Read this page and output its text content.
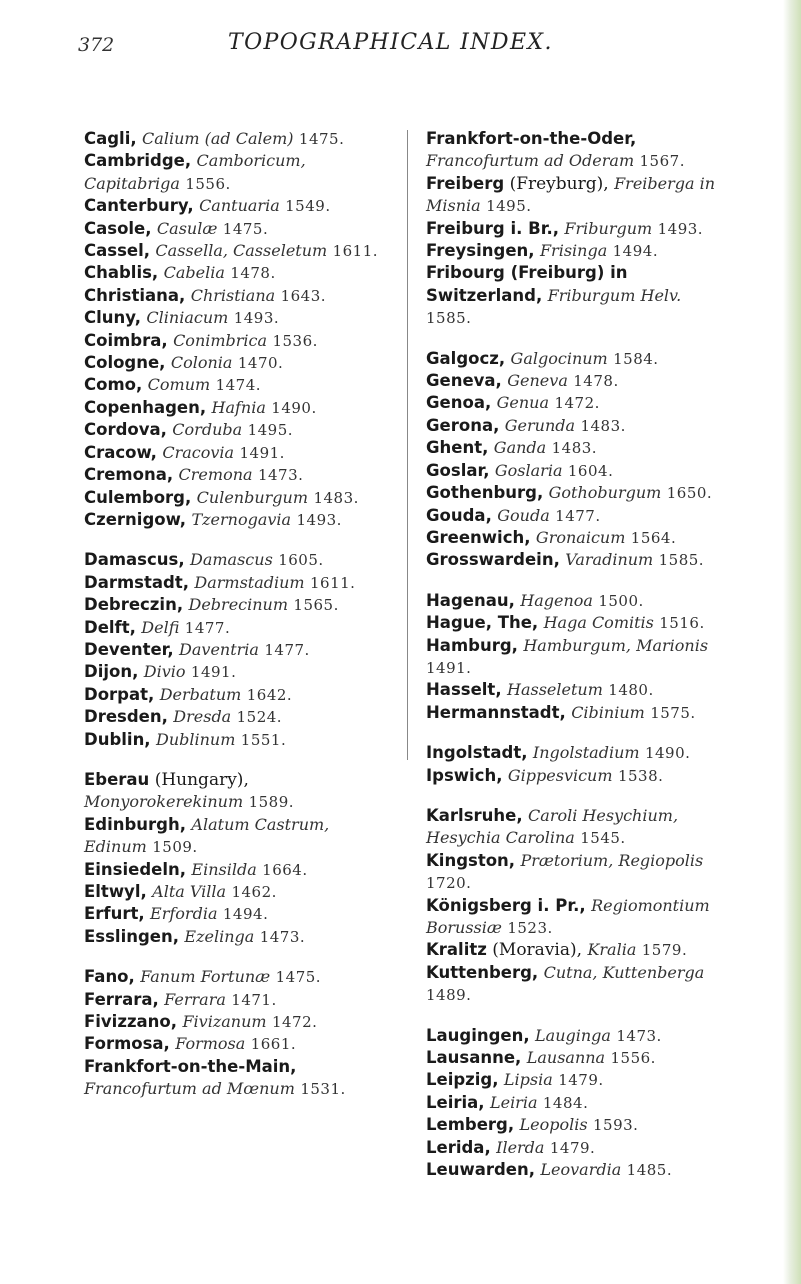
372	TOPOGRAPHICAL INDEX.
Cagli, Calium (ad Calem) 1475.
Cambridge, Camboricum, Capitabriga 1556.
Canterbury, Cantuaria 1549.
Casole, Casulæ 1475.
Cassel, Cassella, Casseletum 1611.
Chablis, Cabelia 1478.
Christiana, Christiana 1643.
Cluny, Cliniacum 1493.
Coimbra, Conimbrica 1536.
Cologne, Colonia 1470.
Como, Comum 1474.
Copenhagen, Hafnia 1490.
Cordova, Corduba 1495.
Cracow, Cracovia 1491.
Cremona, Cremona 1473.
Culemborg, Culenburgum 1483.
Czernigow, Tzernogavia 1493.
Damascus, Damascus 1605.
Darmstadt, Darmstadium 1611.
Debreczin, Debrecinum 1565.
Delft, Delfi 1477.
Deventer, Daventria 1477.
Dijon, Divio 1491.
Dorpat, Derbatum 1642.
Dresden, Dresda 1524.
Dublin, Dublinum 1551.
Eberau (Hungary), Monyorokerekinum 1589.
Edinburgh, Alatum Castrum, Edinum 1509.
Einsiedeln, Einsilda 1664.
Eltwyl, Alta Villa 1462.
Erfurt, Erfordia 1494.
Esslingen, Ezelinga 1473.
Fano, Fanum Fortunæ 1475.
Ferrara, Ferrara 1471.
Fivizzano, Fivizanum 1472.
Formosa, Formosa 1661.
Frankfort-on-the-Main, Francofurtum ad Mœnum 1531.
Frankfort-on-the-Oder, Francofurtum ad Oderam 1567.
Freiberg (Freyburg), Freiberga in Misnia 1495.
Freiburg i. Br., Friburgum 1493.
Freysingen, Frisinga 1494.
Fribourg (Freiburg) in Switzerland, Friburgum Helv. 1585.
Galgocz, Galgocinum 1584.
Geneva, Geneva 1478.
Genoa, Genua 1472.
Gerona, Gerunda 1483.
Ghent, Ganda 1483.
Goslar, Goslaria 1604.
Gothenburg, Gothoburgum 1650.
Gouda, Gouda 1477.
Greenwich, Gronaicum 1564.
Grosswardein, Varadinum 1585.
Hagenau, Hagenoa 1500.
Hague, The, Haga Comitis 1516.
Hamburg, Hamburgum, Marionis 1491.
Hasselt, Hasseletum 1480.
Hermannstadt, Cibinium 1575.
Ingolstadt, Ingolstadium 1490.
Ipswich, Gippesvicum 1538.
Karlsruhe, Caroli Hesychium, Hesychia Carolina 1545.
Kingston, Prætorium, Regiopolis 1720.
Königsberg i. Pr., Regiomontium Borussiæ 1523.
Kralitz (Moravia), Kralia 1579.
Kuttenberg, Cutna, Kuttenberga 1489.
Laugingen, Lauginga 1473.
Lausanne, Lausanna 1556.
Leipzig, Lipsia 1479.
Leiria, Leiria 1484.
Lemberg, Leopolis 1593.
Lerida, Ilerda 1479.
Leuwarden, Leovardia 1485.
